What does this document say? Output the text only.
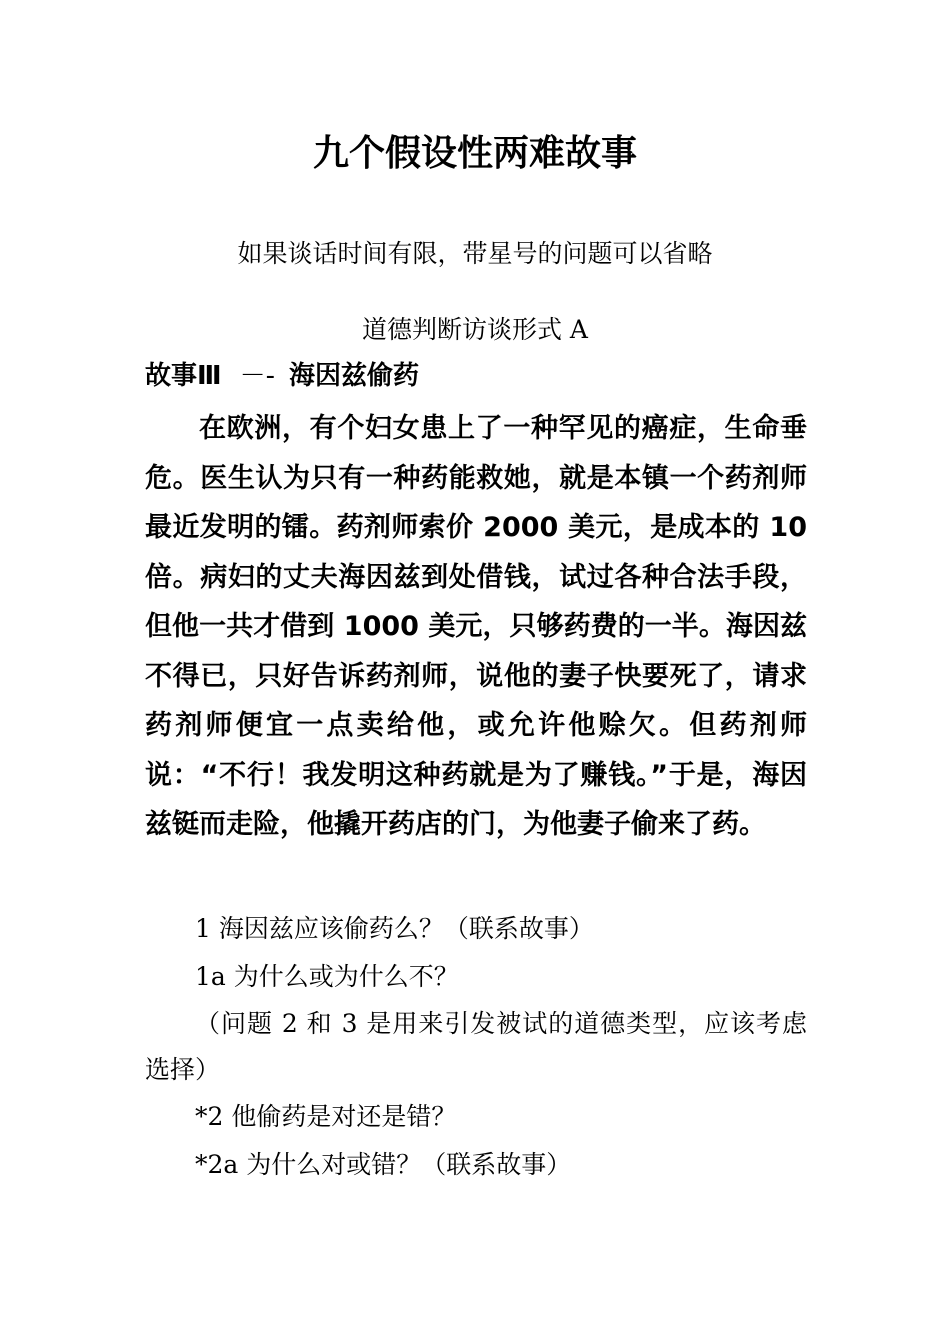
九个假设性两难故事
如果谈话时间有限，带星号的问题可以省略
道德判断访谈形式 A
故事Ⅲ －- 海因兹偷药

在欧洲，有个妇女患上了一种罕见的癌症，生命垂危。医生认为只有一种药能救她，就是本镇一个药剂师最近发明的镭。药剂师索价 2000 美元，是成本的 10 倍。病妇的丈夫海因兹到处借钱，试过各种合法手段，但他一共才借到 1000 美元，只够药费的一半。海因兹不得已，只好告诉药剂师，说他的妻子快要死了，请求药剂师便宜一点卖给他，或允许他赊欠。但药剂师说：“不行！我发明这种药就是为了赚钱。”于是，海因兹铤而走险，他撬开药店的门，为他妻子偷来了药。

1 海因兹应该偷药么？（联系故事）

1a 为什么或为什么不？

（问题 2 和 3 是用来引发被试的道德类型，应该考虑选择）

*2 他偷药是对还是错？

*2a 为什么对或错？（联系故事）
